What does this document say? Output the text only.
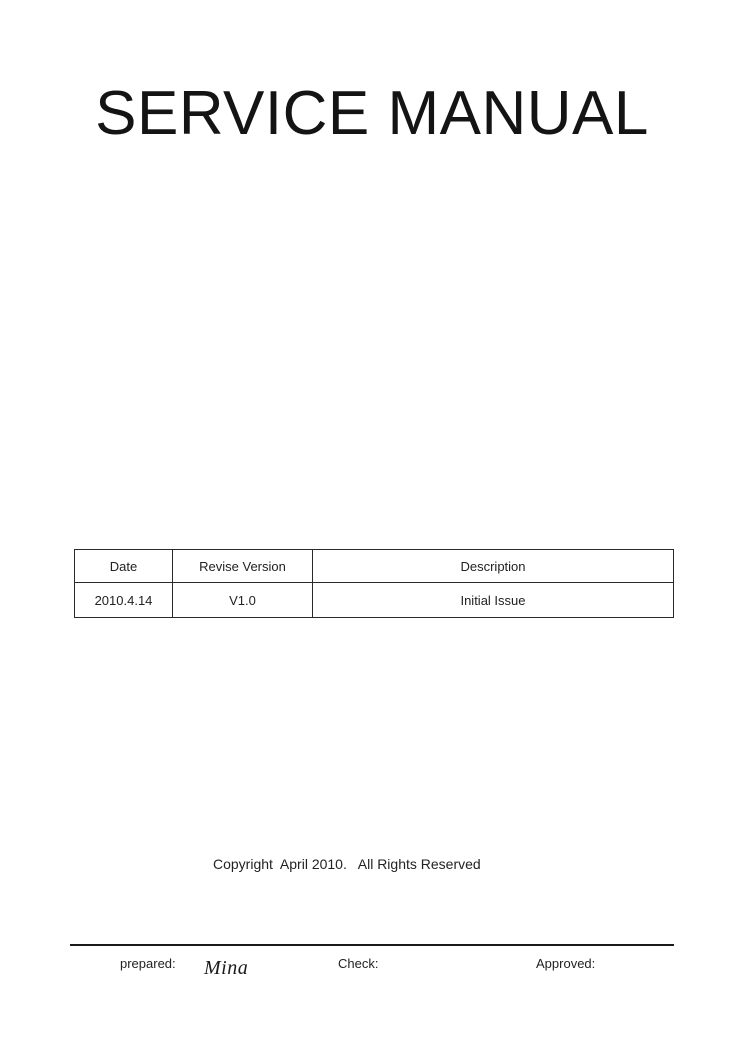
SERVICE MANUAL
Date	Revise Version	Description
2010.4.14	V1.0	Initial Issue
Copyright  April 2010.   All Rights Reserved
prepared: Mina	Check:	Approved:
